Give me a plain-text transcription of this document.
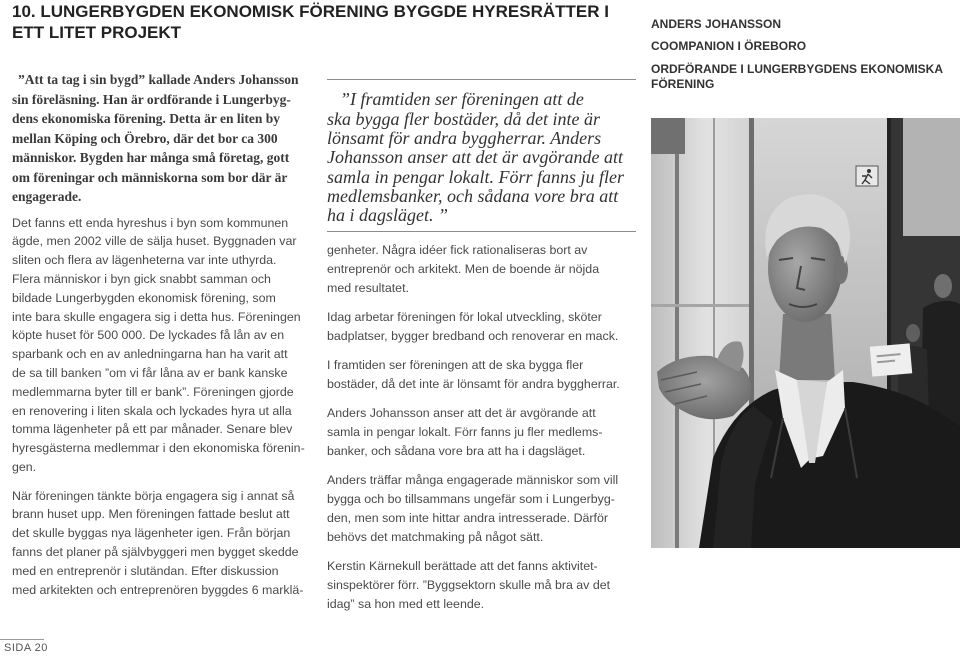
10. LUNGERBYGDEN EKONOMISK FÖRENING BYGGDE HYRESRÄTTER I ETT LITET PROJEKT
”Att ta tag i sin bygd” kallade Anders Johansson
sin föreläsning. Han är ordförande i Lungerbyg-
dens ekonomiska förening. Detta är en liten by
mellan Köping och Örebro, där det bor ca 300
människor. Bygden har många små företag, gott
om föreningar och människorna som bor där är
engagerade.
Det fanns ett enda hyreshus i byn som kommunen
ägde, men 2002 ville de sälja huset. Byggnaden var
sliten och flera av lägenheterna var inte uthyrda.
Flera människor i byn gick snabbt samman och
bildade Lungerbygden ekonomisk förening, som
inte bara skulle engagera sig i detta hus. Föreningen
köpte huset för 500 000. De lyckades få lån av en
sparbank och en av anledningarna han ha varit att
de sa till banken ”om vi får låna av er bank kanske
medlemmarna byter till er bank”. Föreningen gjorde
en renovering i liten skala och lyckades hyra ut alla
tomma lägenheter på ett par månader. Senare blev
hyresgästerna medlemmar i den ekonomiska förenin-
gen.
När föreningen tänkte börja engagera sig i annat så
brann huset upp. Men föreningen fattade beslut att
det skulle byggas nya lägenheter igen. Från början
fanns det planer på självbyggeri men bygget skedde
med en entreprenör i slutändan. Efter diskussion
med arkitekten och entreprenören byggdes 6 marklä-
”I framtiden ser föreningen att de
ska bygga fler bostäder, då det inte är
lönsamt för andra byggherrar. Anders
Johansson anser att det är avgörande att
samla in pengar lokalt. Förr fanns ju fler
medlemsbanker, och sådana vore bra att
ha i dagsläget. ”
genheter. Några idéer fick rationaliseras bort av
entreprenör och arkitekt. Men de boende är nöjda
med resultatet.
Idag arbetar föreningen för lokal utveckling, sköter
badplatser, bygger bredband och renoverar en mack.
I framtiden ser föreningen att de ska bygga fler
bostäder, då det inte är lönsamt för andra byggherrar.
Anders Johansson anser att det är avgörande att
samla in pengar lokalt. Förr fanns ju fler medlems-
banker, och sådana vore bra att ha i dagsläget.
Anders träffar många engagerade människor som vill
bygga och bo tillsammans ungefär som i Lungerbyg-
den, men som inte hittar andra intresserade. Därför
behövs det matchmaking på något sätt.
Kerstin Kärnekull berättade att det fanns aktivitet-
sinspektörer förr. ”Byggsektorn skulle må bra av det
idag” sa hon med ett leende.
ANDERS JOHANSSON
COOMPANION I ÖREBORO
ORDFÖRANDE I LUNGERBYGDENS EKONOMISKA FÖRENING
SIDA 20
